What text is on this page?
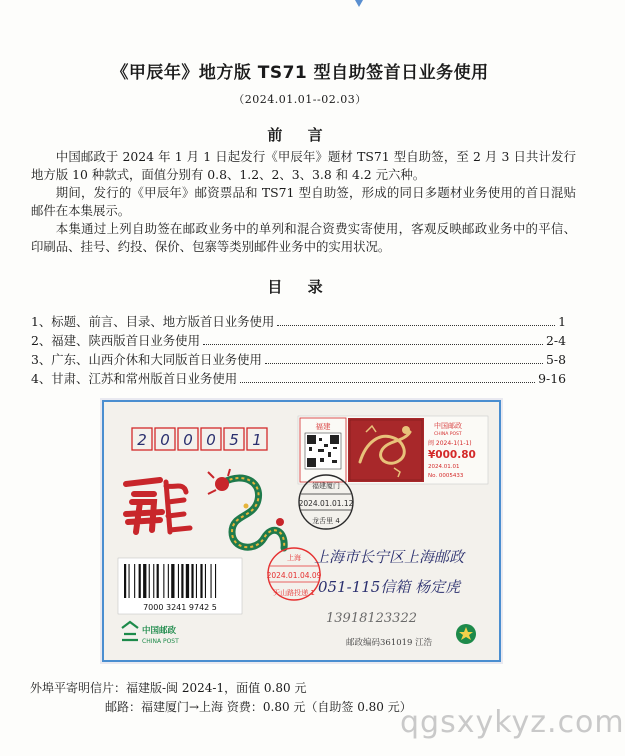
《甲辰年》地方版 TS71 型自助签首日业务使用
（2024.01.01--02.03）
前 言

中国邮政于 2024 年 1 月 1 日起发行《甲辰年》题材 TS71 型自助签，至 2 月 3 日共计发行地方版 10 种款式，面值分别有 0.8、1.2、2、3、3.8 和 4.2 元六种。

期间，发行的《甲辰年》邮资票品和 TS71 型自助签，形成的同日多题材业务使用的首日混贴邮件在本集展示。

本集通过上列自助签在邮政业务中的单列和混合资费实寄使用，客观反映邮政业务中的平信、印刷品、挂号、约投、保价、包寨等类别邮件业务中的实用状况。

目 录
1、标题、前言、目录、地方版首日业务使用	1
2、福建、陕西版首日业务使用	2-4
3、广东、山西介休和大同版首日业务使用	5-8
4、甘肃、江苏和常州版首日业务使用	9-16
2 0 0 0 5 1
福建	中国邮政
CHINA POST
闽 2024-1(1-1)
¥000.80
2024.01.01
No. 0005433
福建厦门
2024.01.01.12
龙舌里 4
上海
2024.01.04.09
天山路投递 1
7000 3241 9742 5
上海市长宁区上海邮政
051-115信箱 杨定虎
13918123322
邮政编码361019 江浩
中国邮政
CHINA POST
外埠平寄明信片：福建版-闽 2024-1，面值 0.80 元
邮路：福建厦门→上海 资费：0.80 元（自助签 0.80 元）
qgsxykyz.com
